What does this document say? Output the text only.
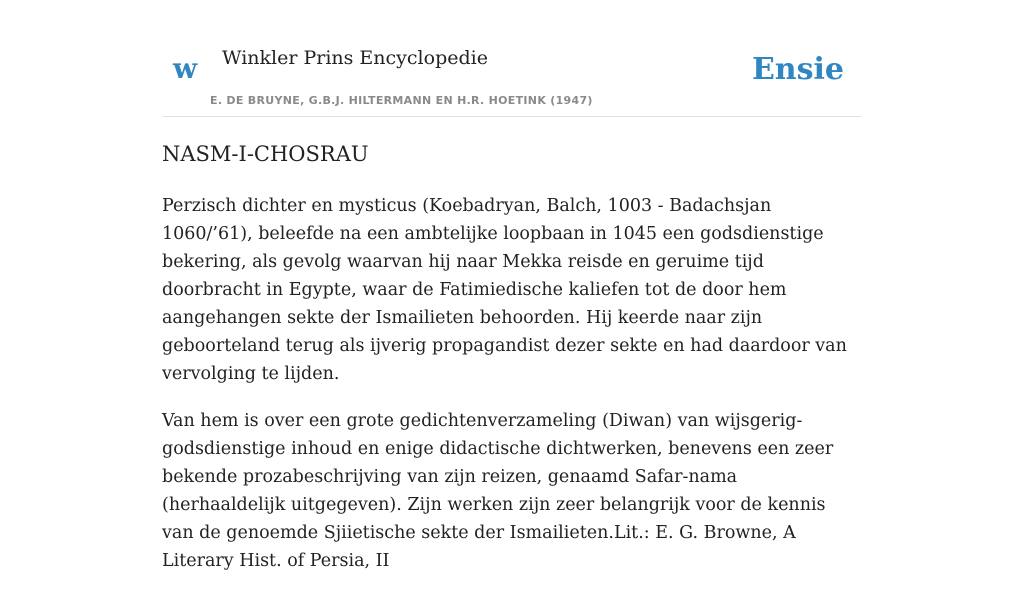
w Winkler Prins Encyclopedie
E. DE BRUYNE, G.B.J. HILTERMANN EN H.R. HOETINK (1947)
Ensie
NASM-I-CHOSRAU

Perzisch dichter en mysticus (Koebadryan, Balch, 1003 - Badachsjan 1060/’61), beleefde na een ambtelijke loopbaan in 1045 een godsdienstige bekering, als gevolg waarvan hij naar Mekka reisde en geruime tijd doorbracht in Egypte, waar de Fatimiedische kaliefen tot de door hem aangehangen sekte der Ismailieten behoorden. Hij keerde naar zijn geboorteland terug als ijverig propagandist dezer sekte en had daardoor van vervolging te lijden.

Van hem is over een grote gedichtenverzameling (Diwan) van wijsgerig-godsdienstige inhoud en enige didactische dichtwerken, benevens een zeer bekende prozabeschrijving van zijn reizen, genaamd Safar-nama (herhaaldelijk uitgegeven). Zijn werken zijn zeer belangrijk voor de kennis van de genoemde Sjiietische sekte der Ismailieten.Lit.: E. G. Browne, A Literary Hist. of Persia, II
